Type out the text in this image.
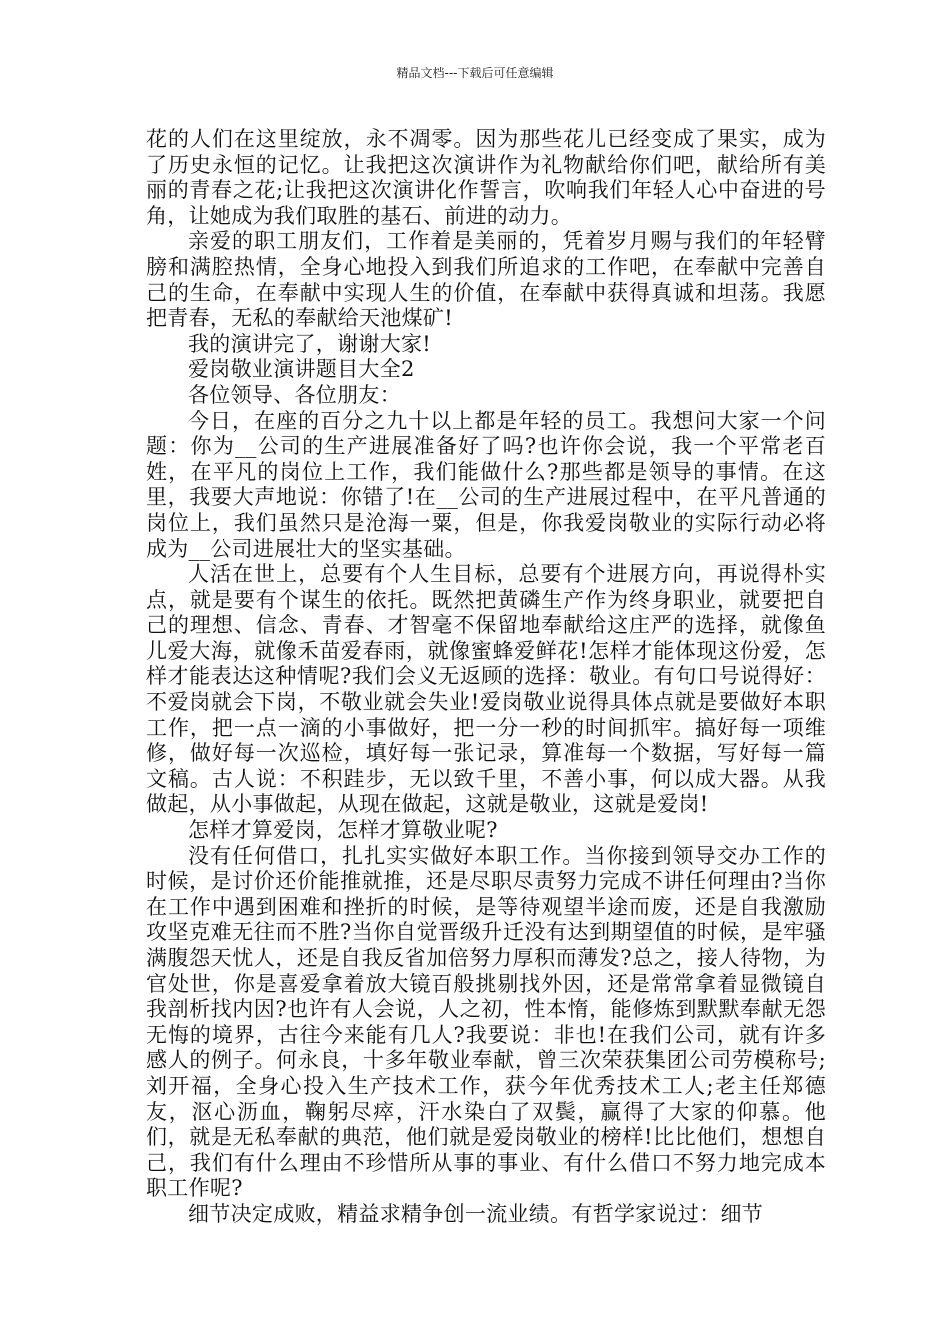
精品文档---下载后可任意编辑

花的人们在这里绽放，永不凋零。因为那些花儿已经变成了果实，成为了历史永恒的记忆。让我把这次演讲作为礼物献给你们吧，献给所有美丽的青春之花;让我把这次演讲化作誓言，吹响我们年轻人心中奋进的号角，让她成为我们取胜的基石、前进的动力。

亲爱的职工朋友们，工作着是美丽的，凭着岁月赐与我们的年轻臂膀和满腔热情，全身心地投入到我们所追求的工作吧，在奉献中完善自己的生命，在奉献中实现人生的价值，在奉献中获得真诚和坦荡。我愿把青春，无私的奉献给天池煤矿!

我的演讲完了，谢谢大家!

爱岗敬业演讲题目大全2

各位领导、各位朋友：

今日，在座的百分之九十以上都是年轻的员工。我想问大家一个问题：你为__公司的生产进展准备好了吗?也许你会说，我一个平常老百姓，在平凡的岗位上工作，我们能做什么?那些都是领导的事情。在这里，我要大声地说：你错了!在__公司的生产进展过程中，在平凡普通的岗位上，我们虽然只是沧海一粟，但是，你我爱岗敬业的实际行动必将成为__公司进展壮大的坚实基础。

人活在世上，总要有个人生目标，总要有个进展方向，再说得朴实点，就是要有个谋生的依托。既然把黄磷生产作为终身职业，就要把自己的理想、信念、青春、才智毫不保留地奉献给这庄严的选择，就像鱼儿爱大海，就像禾苗爱春雨，就像蜜蜂爱鲜花!怎样才能体现这份爱，怎样才能表达这种情呢?我们会义无返顾的选择：敬业。有句口号说得好：不爱岗就会下岗，不敬业就会失业!爱岗敬业说得具体点就是要做好本职工作，把一点一滴的小事做好，把一分一秒的时间抓牢。搞好每一项维修，做好每一次巡检，填好每一张记录，算准每一个数据，写好每一篇文稿。古人说：不积跬步，无以致千里，不善小事，何以成大器。从我做起，从小事做起，从现在做起，这就是敬业，这就是爱岗!

怎样才算爱岗，怎样才算敬业呢?

没有任何借口，扎扎实实做好本职工作。当你接到领导交办工作的时候，是讨价还价能推就推，还是尽职尽责努力完成不讲任何理由?当你在工作中遇到困难和挫折的时候，是等待观望半途而废，还是自我激励攻坚克难无往而不胜?当你自觉晋级升迁没有达到期望值的时候，是牢骚满腹怨天忧人，还是自我反省加倍努力厚积而薄发?总之，接人待物，为官处世，你是喜爱拿着放大镜百般挑剔找外因，还是常常拿着显微镜自我剖析找内因?也许有人会说，人之初，性本惰，能修炼到默默奉献无怨无悔的境界，古往今来能有几人?我要说：非也!在我们公司，就有许多感人的例子。何永良，十多年敬业奉献，曾三次荣获集团公司劳模称号;刘开福，全身心投入生产技术工作，获今年优秀技术工人;老主任郑德友，沤心沥血，鞠躬尽瘁，汗水染白了双鬓，赢得了大家的仰慕。他们，就是无私奉献的典范，他们就是爱岗敬业的榜样!比比他们，想想自己，我们有什么理由不珍惜所从事的事业、有什么借口不努力地完成本职工作呢?

细节决定成败，精益求精争创一流业绩。有哲学家说过：细节
